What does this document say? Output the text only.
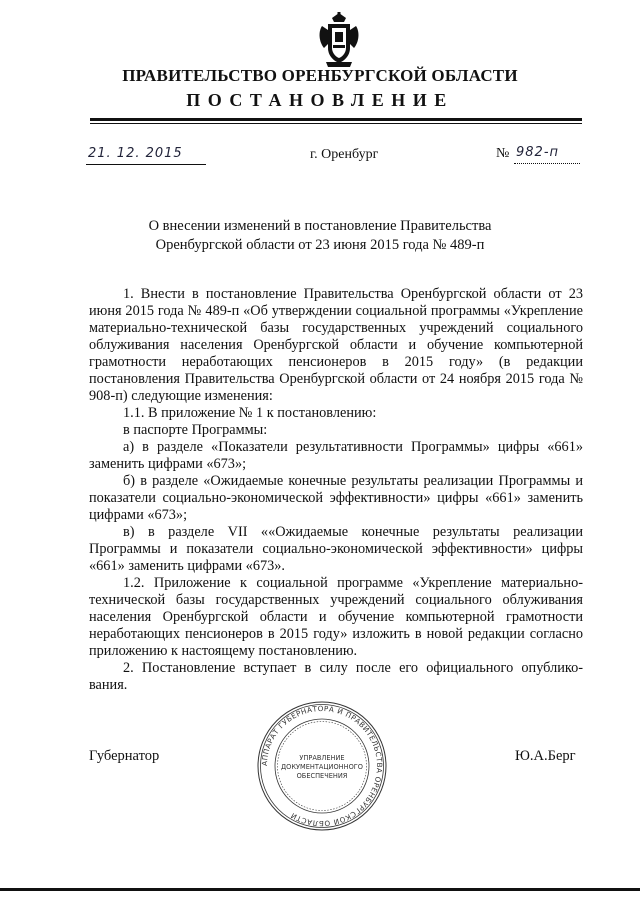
ПРАВИТЕЛЬСТВО ОРЕНБУРГСКОЙ ОБЛАСТИ
ПОСТАНОВЛЕНИЕ
21. 12. 2015	г. Оренбург	№ 982-п
О внесении изменений в постановление Правительства
Оренбургской области от 23 июня 2015 года № 489-п

1. Внести в постановление Правительства Оренбургской области от 23 июня 2015 года № 489-п «Об утверждении социальной программы «Укрепление материально-технической базы государственных учреждений социального облуживания населения Оренбургской области и обучение компьютерной грамотности неработающих пенсионеров в 2015 году» (в редакции постановления Правительства Оренбургской области от 24 ноября 2015 года № 908-п) следующие изменения:

1.1. В приложение № 1 к постановлению:

в паспорте Программы:

а) в разделе «Показатели результативности Программы» цифры «661» заменить цифрами «673»;

б) в разделе «Ожидаемые конечные результаты реализации Программы и показатели социально-экономической эффективности» цифры «661» заменить цифрами «673»;

в) в разделе VII ««Ожидаемые конечные результаты реализации Программы и показатели социально-экономической эффективности» цифры «661» заменить цифрами «673».

1.2. Приложение к социальной программе «Укрепление материально-технической базы государственных учреждений социального облуживания населения Оренбургской области и обучение компьютерной грамотности неработающих пенсионеров в 2015 году» изложить в новой редакции согласно приложению к настоящему постановлению.

2. Постановление вступает в силу после его официального опублико-вания.

АППАРАТ ГУБЕРНАТОРА И ПРАВИТЕЛЬСТВА ОРЕНБУРГСКОЙ ОБЛАСТИ
УПРАВЛЕНИЕ
ДОКУМЕНТАЦИОННОГО
ОБЕСПЕЧЕНИЯ
Губернатор	Ю.А.Берг
